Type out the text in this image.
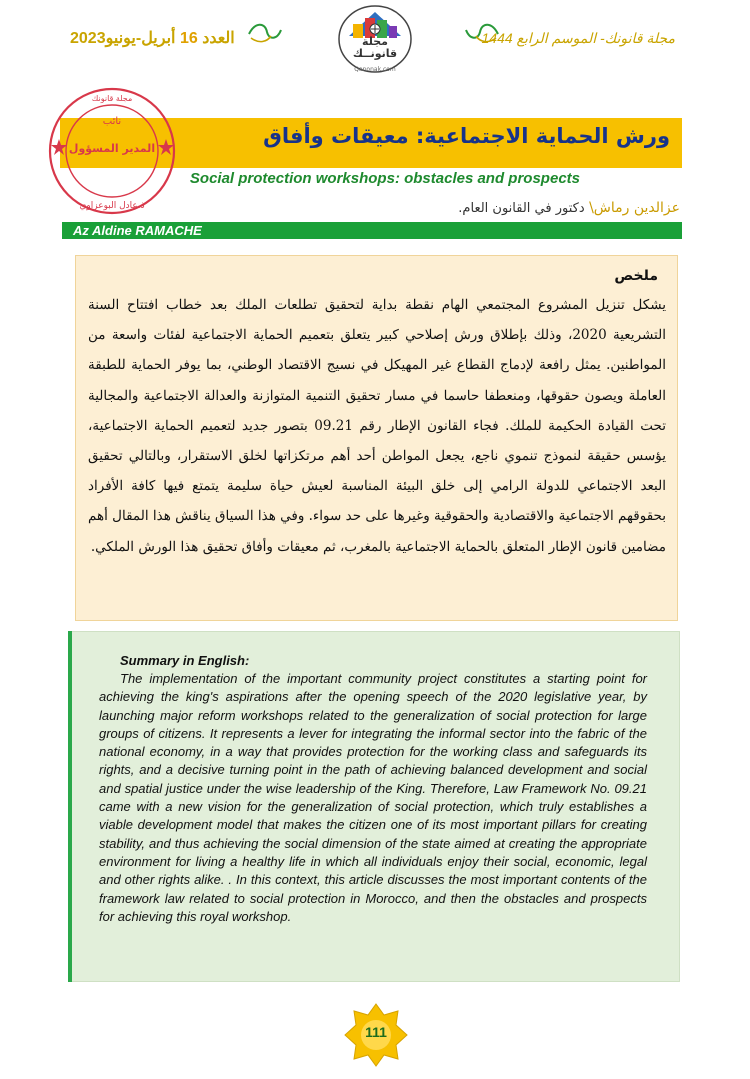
العدد 16 أبريل-يونيو2023	مجلة قانونك- الموسم الرابع 1444
مجلة
قانونــك
Qanonak.com
ورش الحماية الاجتماعية: معيقات وأفاق
Social protection workshops: obstacles and prospects
عزالدين رماش\ دكتور في القانون العام.
Az Aldine RAMACHE
مجلة قانونك
نائب
المدير المسؤول
ذ.عادل البوعزاوي
ملخص
يشكل تنزيل المشروع المجتمعي الهام نقطة بداية لتحقيق تطلعات الملك بعد خطاب افتتاح السنة التشريعية 2020، وذلك بإطلاق ورش إصلاحي كبير يتعلق بتعميم الحماية الاجتماعية لفئات واسعة من المواطنين. يمثل رافعة لإدماج القطاع غير المهيكل في نسيج الاقتصاد الوطني، بما يوفر الحماية للطبقة العاملة ويصون حقوقها، ومنعطفا حاسما في مسار تحقيق التنمية المتوازنة والعدالة الاجتماعية والمجالية تحت القيادة الحكيمة للملك. فجاء القانون الإطار رقم 09.21 بتصور جديد لتعميم الحماية الاجتماعية، يؤسس حقيقة لنموذج تنموي ناجع، يجعل المواطن أحد أهم مرتكزاتها لخلق الاستقرار، وبالتالي تحقيق البعد الاجتماعي للدولة الرامي إلى خلق البيئة المناسبة لعيش حياة سليمة يتمتع فيها كافة الأفراد بحقوقهم الاجتماعية والاقتصادية والحقوقية وغيرها على حد سواء. وفي هذا السياق يناقش هذا المقال أهم مضامين قانون الإطار المتعلق بالحماية الاجتماعية بالمغرب، ثم معيقات وأفاق تحقيق هذا الورش الملكي.
Summary in English:
The implementation of the important community project constitutes a starting point for achieving the king's aspirations after the opening speech of the 2020 legislative year, by launching major reform workshops related to the generalization of social protection for large groups of citizens. It represents a lever for integrating the informal sector into the fabric of the national economy, in a way that provides protection for the working class and safeguards its rights, and a decisive turning point in the path of achieving balanced development and social and spatial justice under the wise leadership of the King. Therefore, Law Framework No. 09.21 came with a new vision for the generalization of social protection, which truly establishes a viable development model that makes the citizen one of its most important pillars for creating stability, and thus achieving the social dimension of the state aimed at creating the appropriate environment for living a healthy life in which all individuals enjoy their social, economic, legal and other rights alike. . In this context, this article discusses the most important contents of the framework law related to social protection in Morocco, and then the obstacles and prospects for achieving this royal workshop.
111
